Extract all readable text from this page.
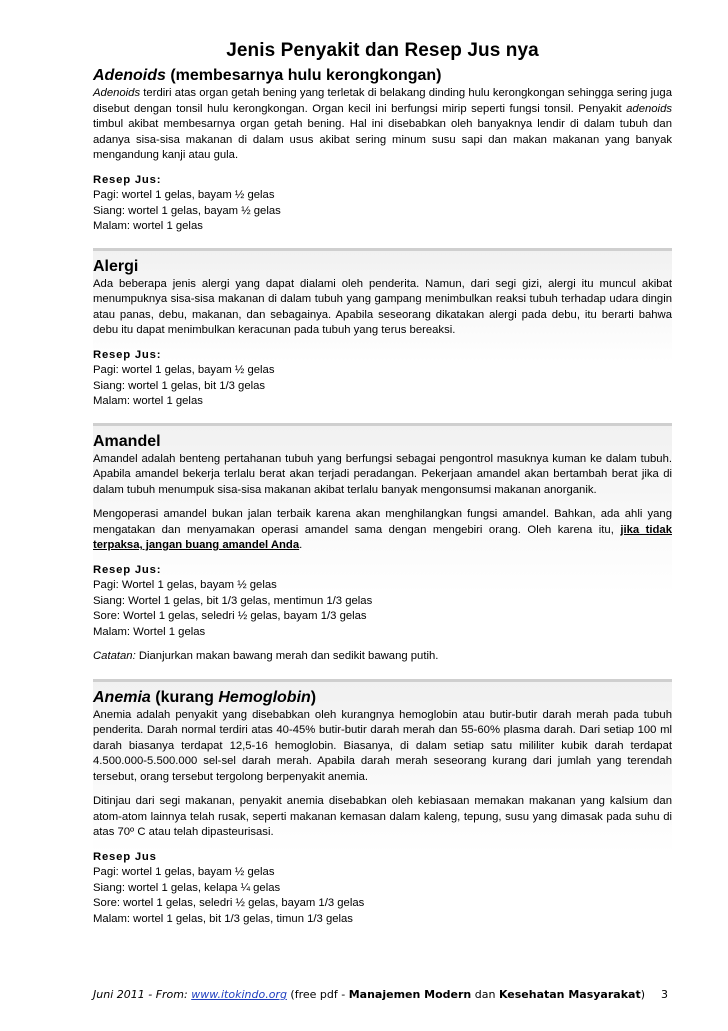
Jenis Penyakit dan Resep Jus nya
Adenoids (membesarnya hulu kerongkongan)

Adenoids terdiri atas organ getah bening yang terletak di belakang dinding hulu kerongkongan sehingga sering juga disebut dengan tonsil hulu kerongkongan. Organ kecil ini berfungsi mirip seperti fungsi tonsil. Penyakit adenoids timbul akibat membesarnya organ getah bening. Hal ini disebabkan oleh banyaknya lendir di dalam tubuh dan adanya sisa-sisa makanan di dalam usus akibat sering minum susu sapi dan makan makanan yang banyak mengandung kanji atau gula.

Resep Jus:
Pagi: wortel 1 gelas, bayam ½ gelas
Siang: wortel 1 gelas, bayam ½ gelas
Malam: wortel 1 gelas

Alergi

Ada beberapa jenis alergi yang dapat dialami oleh penderita. Namun, dari segi gizi, alergi itu muncul akibat menumpuknya sisa-sisa makanan di dalam tubuh yang gampang menimbulkan reaksi tubuh terhadap udara dingin atau panas, debu, makanan, dan sebagainya. Apabila seseorang dikatakan alergi pada debu, itu berarti bahwa debu itu dapat menimbulkan keracunan pada tubuh yang terus bereaksi.

Resep Jus:
Pagi: wortel 1 gelas, bayam ½ gelas
Siang: wortel 1 gelas, bit 1/3 gelas
Malam: wortel 1 gelas

Amandel

Amandel adalah benteng pertahanan tubuh yang berfungsi sebagai pengontrol masuknya kuman ke dalam tubuh. Apabila amandel bekerja terlalu berat akan terjadi peradangan. Pekerjaan amandel akan bertambah berat jika di dalam tubuh menumpuk sisa-sisa makanan akibat terlalu banyak mengonsumsi makanan anorganik.

Mengoperasi amandel bukan jalan terbaik karena akan menghilangkan fungsi amandel. Bahkan, ada ahli yang mengatakan dan menyamakan operasi amandel sama dengan mengebiri orang. Oleh karena itu, jika tidak terpaksa, jangan buang amandel Anda.

Resep Jus:
Pagi: Wortel 1 gelas, bayam ½ gelas
Siang: Wortel 1 gelas, bit 1/3 gelas, mentimun 1/3 gelas
Sore: Wortel 1 gelas, seledri ½ gelas, bayam 1/3 gelas
Malam: Wortel 1 gelas

Catatan: Dianjurkan makan bawang merah dan sedikit bawang putih.

Anemia (kurang Hemoglobin)

Anemia adalah penyakit yang disebabkan oleh kurangnya hemoglobin atau butir-butir darah merah pada tubuh penderita. Darah normal terdiri atas 40-45% butir-butir darah merah dan 55-60% plasma darah. Dari setiap 100 ml darah biasanya terdapat 12,5-16 hemoglobin. Biasanya, di dalam setiap satu mililiter kubik darah terdapat 4.500.000-5.500.000 sel-sel darah merah. Apabila darah merah seseorang kurang dari jumlah yang terendah tersebut, orang tersebut tergolong berpenyakit anemia.

Ditinjau dari segi makanan, penyakit anemia disebabkan oleh kebiasaan memakan makanan yang kalsium dan atom-atom lainnya telah rusak, seperti makanan kemasan dalam kaleng, tepung, susu yang dimasak pada suhu di atas 70º C atau telah dipasteurisasi.

Resep Jus
Pagi: wortel 1 gelas, bayam ½ gelas
Siang: wortel 1 gelas, kelapa ¼ gelas
Sore: wortel 1 gelas, seledri ½ gelas, bayam 1/3 gelas
Malam: wortel 1 gelas, bit 1/3 gelas, timun 1/3 gelas

Juni 2011 - From: www.itokindo.org (free pdf - Manajemen Modern dan Kesehatan Masyarakat) 3
